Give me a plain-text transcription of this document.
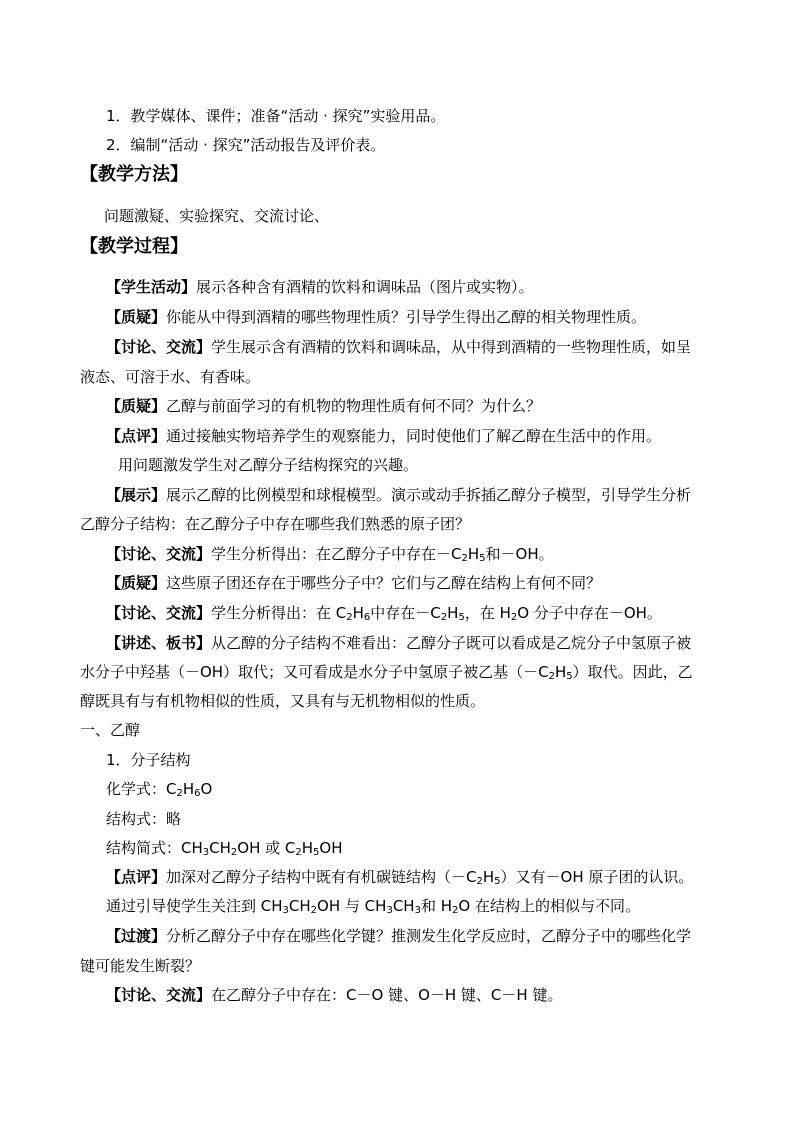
1．教学媒体、课件；准备“活动 · 探究”实验用品。
2．编制“活动 · 探究”活动报告及评价表。
【教学方法】
问题激疑、实验探究、交流讨论、
【教学过程】
【学生活动】展示各种含有酒精的饮料和调味品（图片或实物）。
【质疑】你能从中得到酒精的哪些物理性质？引导学生得出乙醇的相关物理性质。
【讨论、交流】学生展示含有酒精的饮料和调味品，从中得到酒精的一些物理性质，如呈
液态、可溶于水、有香味。
【质疑】乙醇与前面学习的有机物的物理性质有何不同？为什么？
【点评】通过接触实物培养学生的观察能力，同时使他们了解乙醇在生活中的作用。
用问题激发学生对乙醇分子结构探究的兴趣。
【展示】展示乙醇的比例模型和球棍模型。演示或动手拆插乙醇分子模型，引导学生分析
乙醇分子结构：在乙醇分子中存在哪些我们熟悉的原子团？
【讨论、交流】学生分析得出：在乙醇分子中存在$-C_2H_5$和－OH。
【质疑】这些原子团还存在于哪些分子中？它们与乙醇在结构上有何不同？
【讨论、交流】学生分析得出：在 $C_2H_6$中存在$-C_2H_5$，在 $H_2O$ 分子中存在－OH。
【讲述、板书】从乙醇的分子结构不难看出：乙醇分子既可以看成是乙烷分子中氢原子被
水分子中羟基（－OH）取代；又可看成是水分子中氢原子被乙基$(-C_2H_5)$取代。因此，乙
醇既具有与有机物相似的性质，又具有与无机物相似的性质。
一、乙醇
1．分子结构
化学式：$C_2H_6O$
结构式：略
结构简式：$CH_3CH_2OH$ 或 $C_2H_5OH$
【点评】加深对乙醇分子结构中既有有机碳链结构$(-C_2H_5)$又有－OH 原子团的认识。
通过引导使学生关注到 $CH_3CH_2OH$ 与 $CH_3CH_3$和 $H_2O$ 在结构上的相似与不同。
【过渡】分析乙醇分子中存在哪些化学键？推测发生化学反应时，乙醇分子中的哪些化学
键可能发生断裂？
【讨论、交流】在乙醇分子中存在：C－O 键、O－H 键、C－H 键。
